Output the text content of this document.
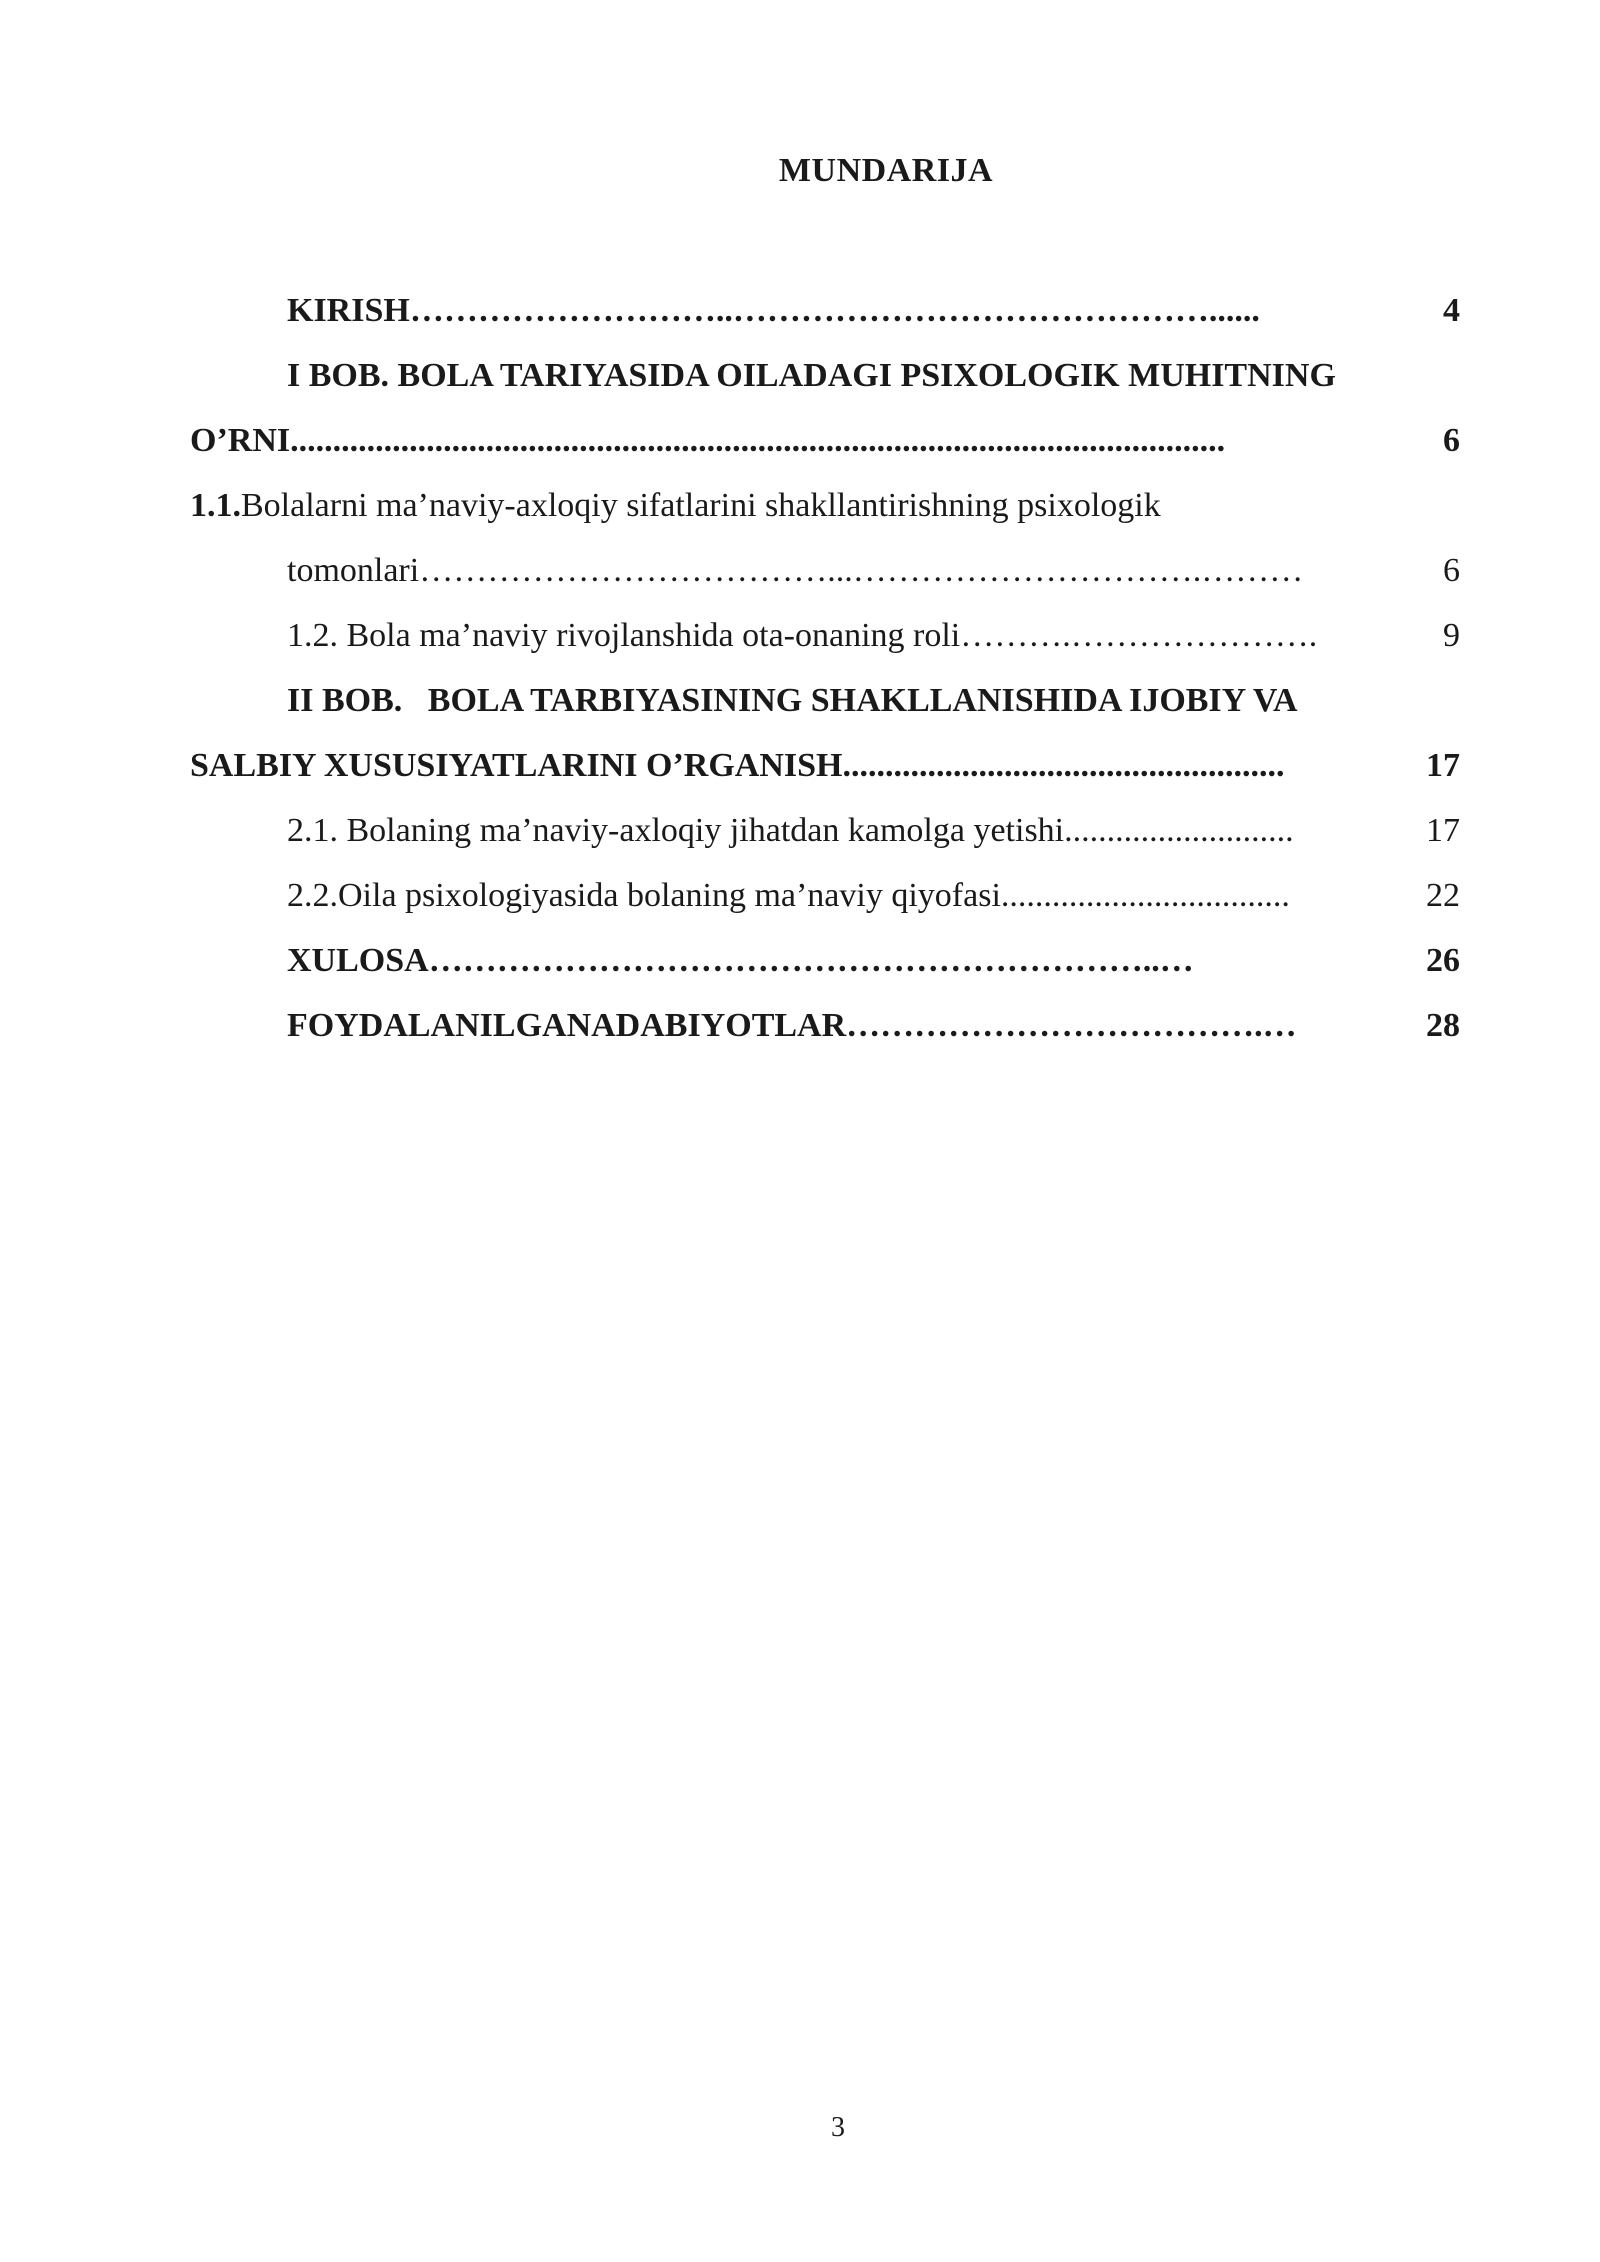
MUNDARIJA
KIRISH ………………………..……………………………………......	4
I BOB. BOLA TARIYASIDA OILADAGI PSIXOLOGIK MUHITNING
O’RNI ..............................................................................................................	6
1.1. Bolalarni ma’naviy-axloqiy sifatlarini shakllantirishning psixologik
tomonlari ………………………………...………………………….………	6
1.2. Bola ma’naviy rivojlanshida ota-onaning roli ……….………………….	9
II BOB.   BOLA TARBIYASINING SHAKLLANISHIDA IJOBIY VA
SALBIY XUSUSIYATLARINI O’RGANISH ....................................................	17
2.1. Bolaning ma’naviy-axloqiy jihatdan kamolga yetishi ...........................	17
2.2.Oila psixologiyasida bolaning ma’naviy qiyofasi ..................................	22
XULOSA ………………………………………………………..…	26
FOYDALANILGANADABIYOTLAR ……………………………….…	28
3
